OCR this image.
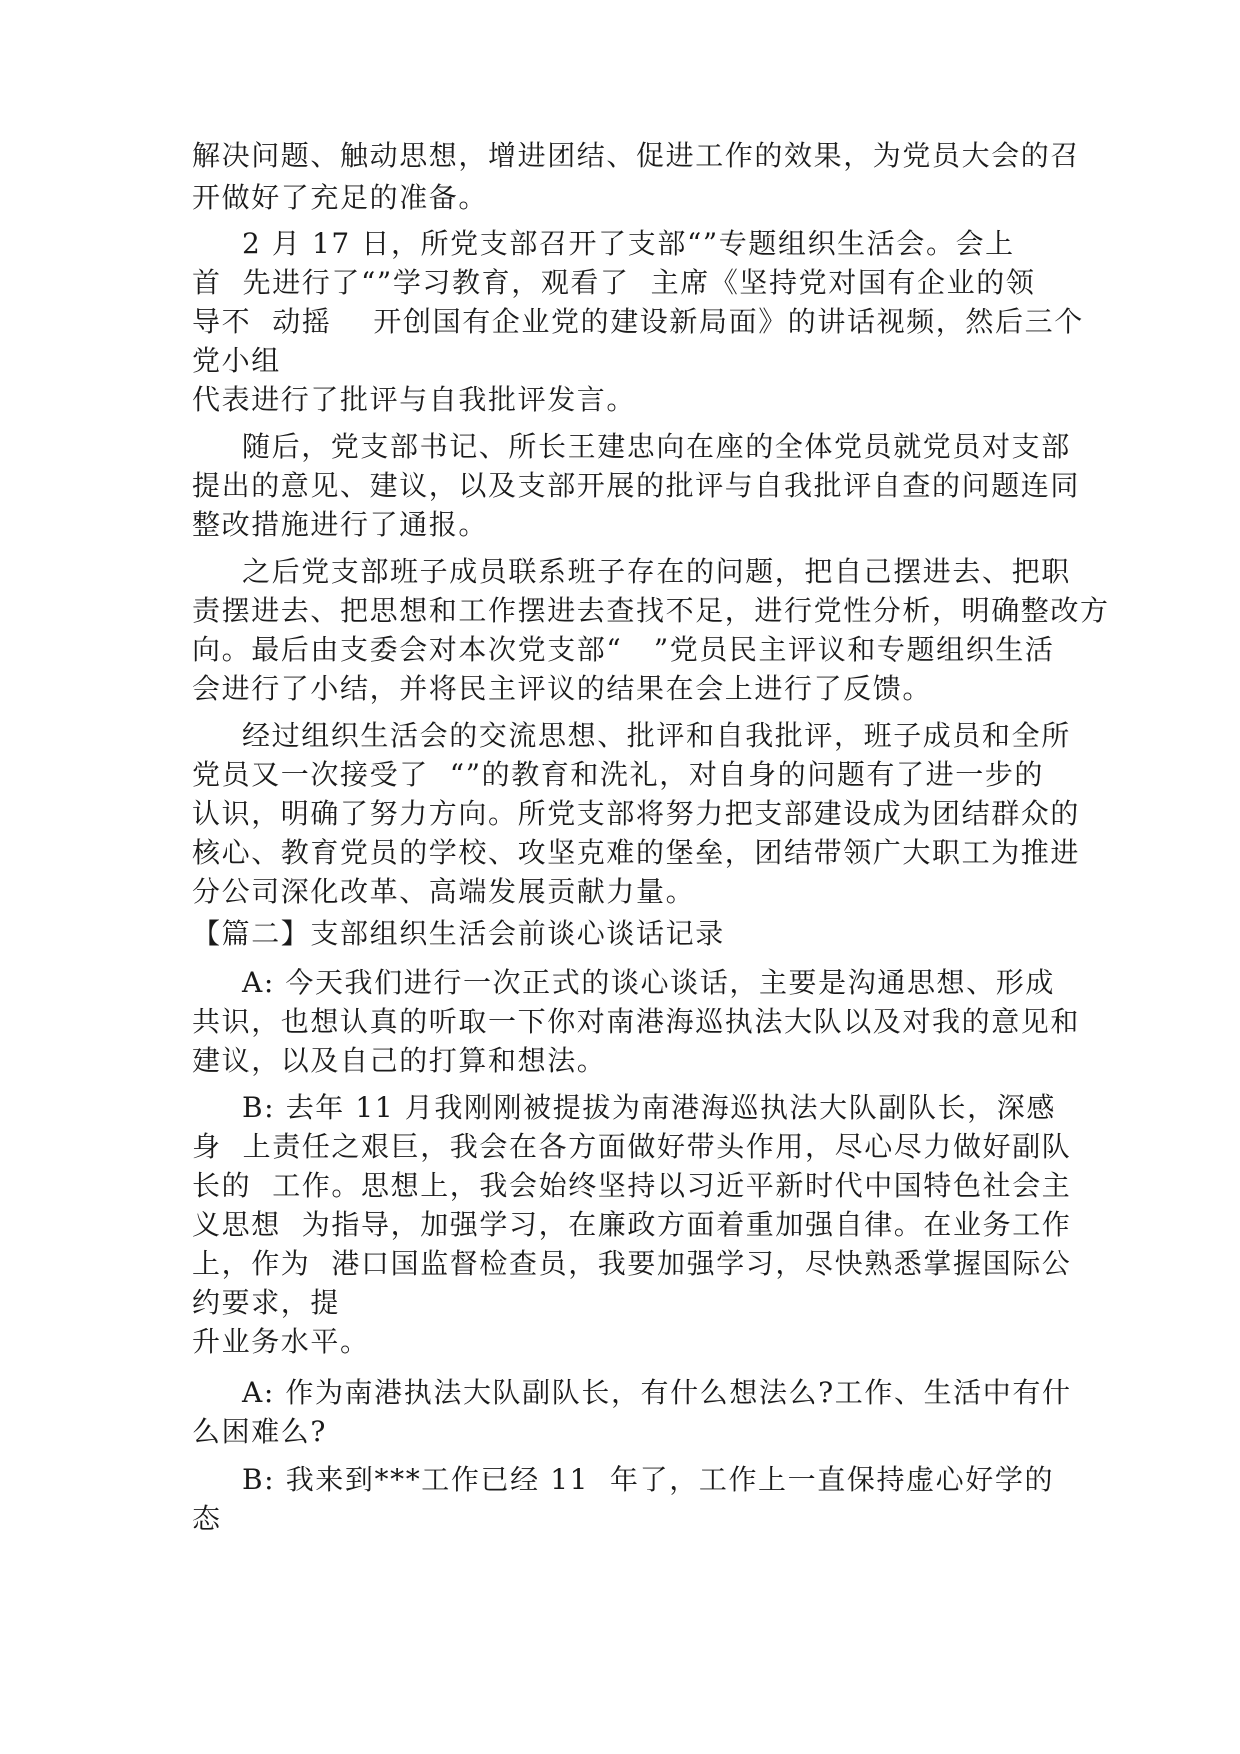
解决问题、触动思想，增进团结、促进工作的效果，为党员大会的召

开做好了充足的准备。

2 月 17 日，所党支部召开了支部“”专题组织生活会。会上

首  先进行了“”学习教育，观看了  主席《坚持党对国有企业的领

导不  动摇    开创国有企业党的建设新局面》的讲话视频，然后三个

党小组

代表进行了批评与自我批评发言。

随后，党支部书记、所长王建忠向在座的全体党员就党员对支部

提出的意见、建议，以及支部开展的批评与自我批评自查的问题连同

整改措施进行了通报。

之后党支部班子成员联系班子存在的问题，把自己摆进去、把职

责摆进去、把思想和工作摆进去查找不足，进行党性分析，明确整改方

向。最后由支委会对本次党支部“   ”党员民主评议和专题组织生活

会进行了小结，并将民主评议的结果在会上进行了反馈。

经过组织生活会的交流思想、批评和自我批评，班子成员和全所

党员又一次接受了  “”的教育和洗礼，对自身的问题有了进一步的

认识，明确了努力方向。所党支部将努力把支部建设成为团结群众的

核心、教育党员的学校、攻坚克难的堡垒，团结带领广大职工为推进

分公司深化改革、高端发展贡献力量。

【篇二】支部组织生活会前谈心谈话记录

A: 今天我们进行一次正式的谈心谈话，主要是沟通思想、形成

共识，也想认真的听取一下你对南港海巡执法大队以及对我的意见和

建议，以及自己的打算和想法。

B: 去年 11 月我刚刚被提拔为南港海巡执法大队副队长，深感

身  上责任之艰巨，我会在各方面做好带头作用，尽心尽力做好副队

长的  工作。思想上，我会始终坚持以习近平新时代中国特色社会主

义思想  为指导，加强学习，在廉政方面着重加强自律。在业务工作

上，作为  港口国监督检查员，我要加强学习，尽快熟悉掌握国际公

约要求，提

升业务水平。

A: 作为南港执法大队副队长，有什么想法么?工作、生活中有什

么困难么?

B: 我来到***工作已经 11  年了，工作上一直保持虚心好学的

态
